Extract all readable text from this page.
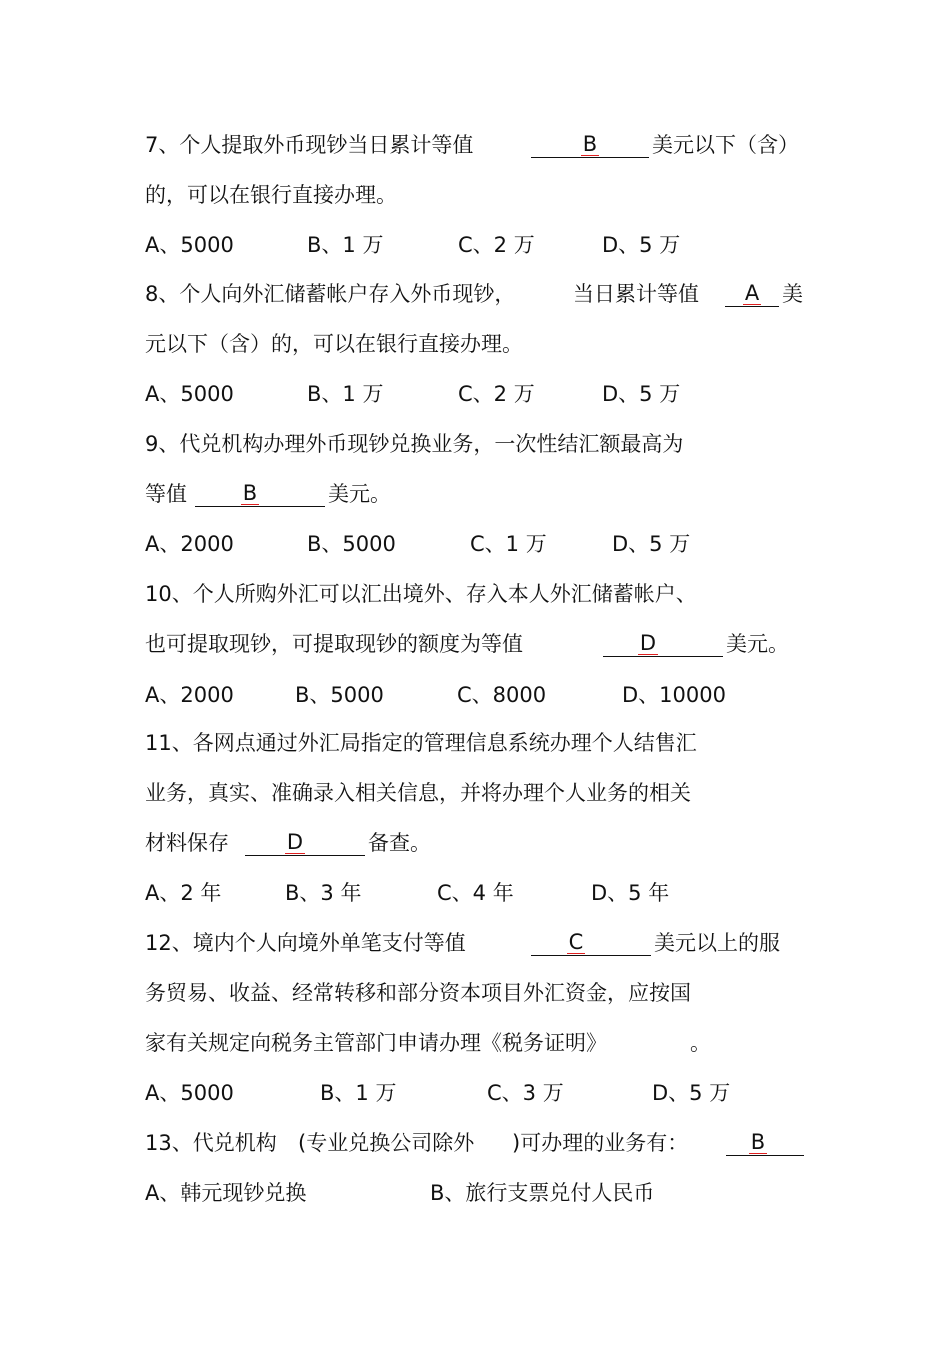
7、个人提取外币现钞当日累计等值	B	美元以下（含）
的，可以在银行直接办理。
A、5000	B、1 万	C、2 万	D、5 万
8、个人向外汇储蓄帐户存入外币现钞，	当日累计等值	A	美
元以下（含）的，可以在银行直接办理。
A、5000	B、1 万	C、2 万	D、5 万
9、代兑机构办理外币现钞兑换业务，一次性结汇额最高为
等值	B	美元。
A、2000	B、5000	C、1 万	D、5 万
10、个人所购外汇可以汇出境外、存入本人外汇储蓄帐户、
也可提取现钞，可提取现钞的额度为等值	D	美元。
A、2000	B、5000	C、8000	D、10000
11、各网点通过外汇局指定的管理信息系统办理个人结售汇
业务，真实、准确录入相关信息，并将办理个人业务的相关
材料保存	D	备查。
A、2 年	B、3 年	C、4 年	D、5 年
12、境内个人向境外单笔支付等值	C	美元以上的服
务贸易、收益、经常转移和部分资本项目外汇资金，应按国
家有关规定向税务主管部门申请办理《税务证明》	。
A、5000	B、1 万	C、3 万	D、5 万
13、代兑机构 (专业兑换公司除外 )可办理的业务有：	B
A、韩元现钞兑换	B、旅行支票兑付人民币
